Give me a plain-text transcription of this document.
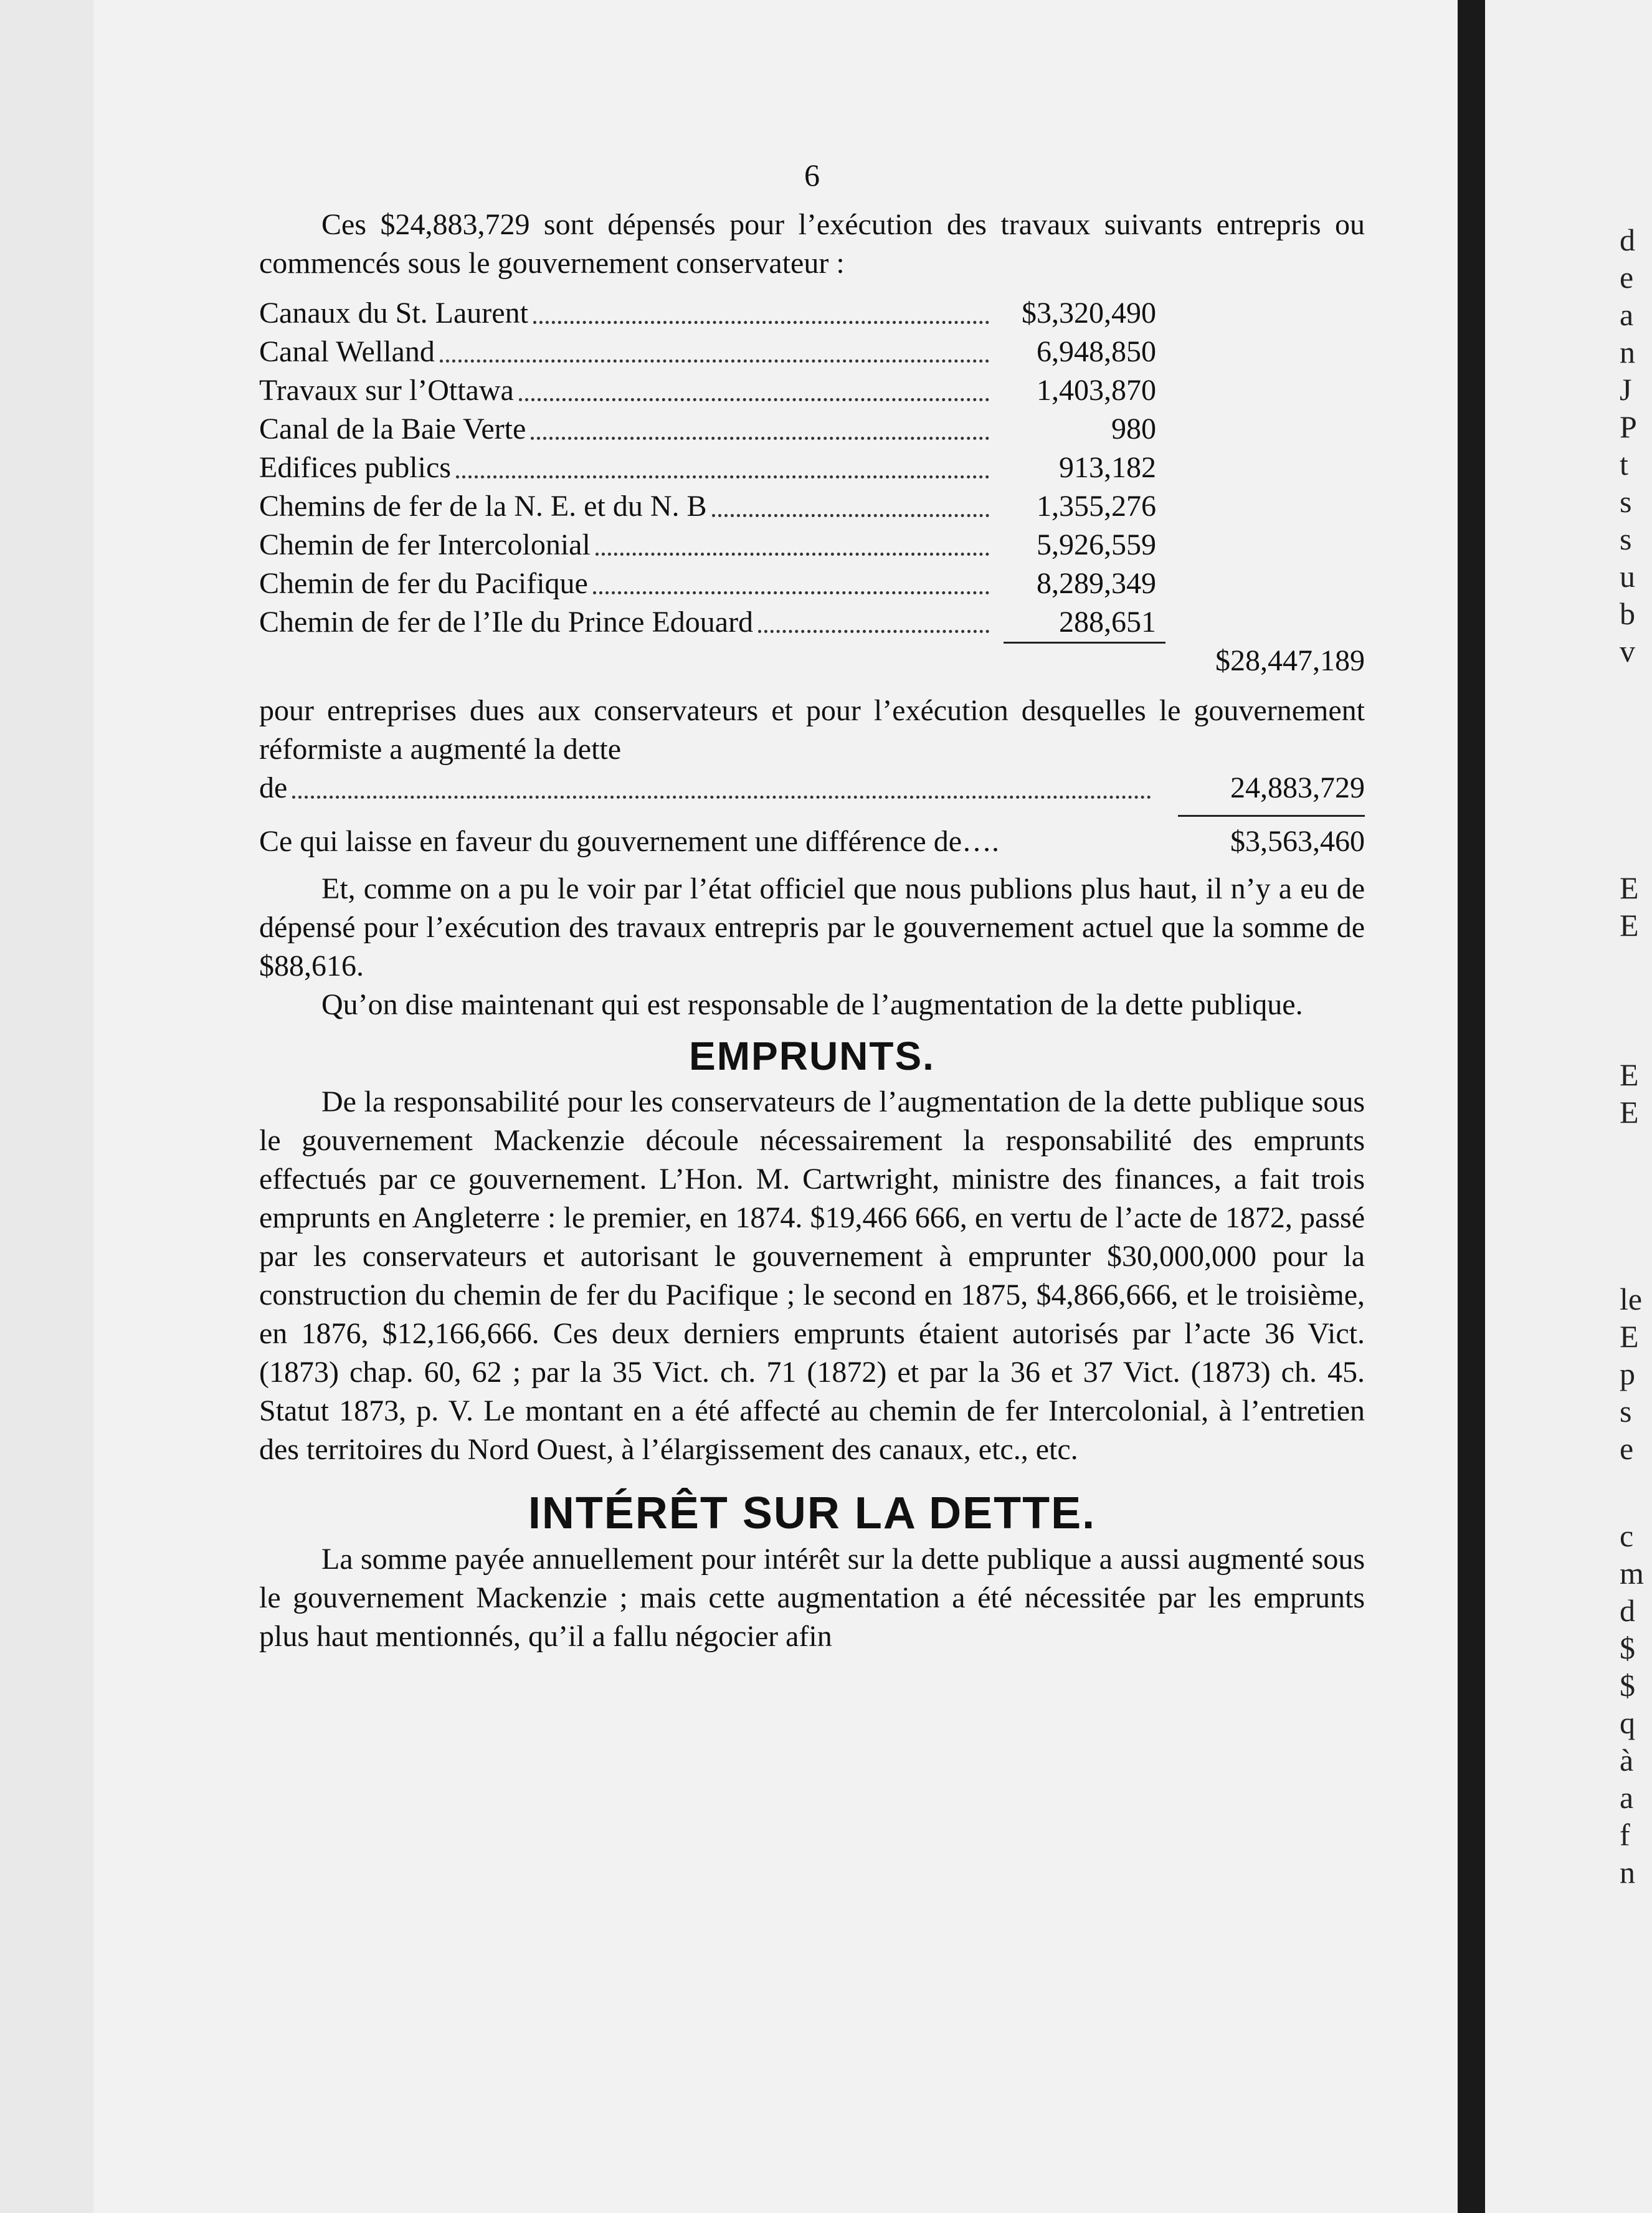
d
e
a
n
J
P
t
s
s
u
b
v
E
E
E
E
le
E
p
s
e
c
m
d
$
$
q
à
a
f
n
6

Ces $24,883,729 sont dépensés pour l’exécution des travaux suivants entrepris ou commencés sous le gouvernement conservateur :

Canaux du St. Laurent	$3,320,490
Canal Welland	6,948,850
Travaux sur l’Ottawa	1,403,870
Canal de la Baie Verte	980
Edifices publics	913,182
Chemins de fer de la N. E. et du N. B	1,355,276
Chemin de fer Intercolonial	5,926,559
Chemin de fer du Pacifique	8,289,349
Chemin de fer de l’Ile du Prince Edouard	288,651
$28,447,189

pour entreprises dues aux conservateurs et pour l’exécution desquelles le gouvernement réformiste a augmenté la dette

de	24,883,729
Ce qui laisse en faveur du gouvernement une différence de….	$3,563,460

Et, comme on a pu le voir par l’état officiel que nous publions plus haut, il n’y a eu de dépensé pour l’exécution des travaux entrepris par le gouvernement actuel que la somme de $88,616.

Qu’on dise maintenant qui est responsable de l’augmentation de la dette publique.

EMPRUNTS.

De la responsabilité pour les conservateurs de l’augmentation de la dette publique sous le gouvernement Mackenzie découle nécessairement la responsabilité des emprunts effectués par ce gouvernement. L’Hon. M. Cartwright, ministre des finances, a fait trois emprunts en Angleterre : le premier, en 1874. $19,466 666, en vertu de l’acte de 1872, passé par les conservateurs et autorisant le gouvernement à emprunter $30,000,000 pour la construction du chemin de fer du Pacifique ; le second en 1875, $4,866,666, et le troisième, en 1876, $12,166,666. Ces deux derniers emprunts étaient autorisés par l’acte 36 Vict. (1873) chap. 60, 62 ; par la 35 Vict. ch. 71 (1872) et par la 36 et 37 Vict. (1873) ch. 45. Statut 1873, p. V. Le montant en a été affecté au chemin de fer Intercolonial, à l’entretien des territoires du Nord Ouest, à l’élargissement des canaux, etc., etc.

INTÉRÊT SUR LA DETTE.

La somme payée annuellement pour intérêt sur la dette publique a aussi augmenté sous le gouvernement Mackenzie ; mais cette augmentation a été nécessitée par les emprunts plus haut mentionnés, qu’il a fallu négocier afin
